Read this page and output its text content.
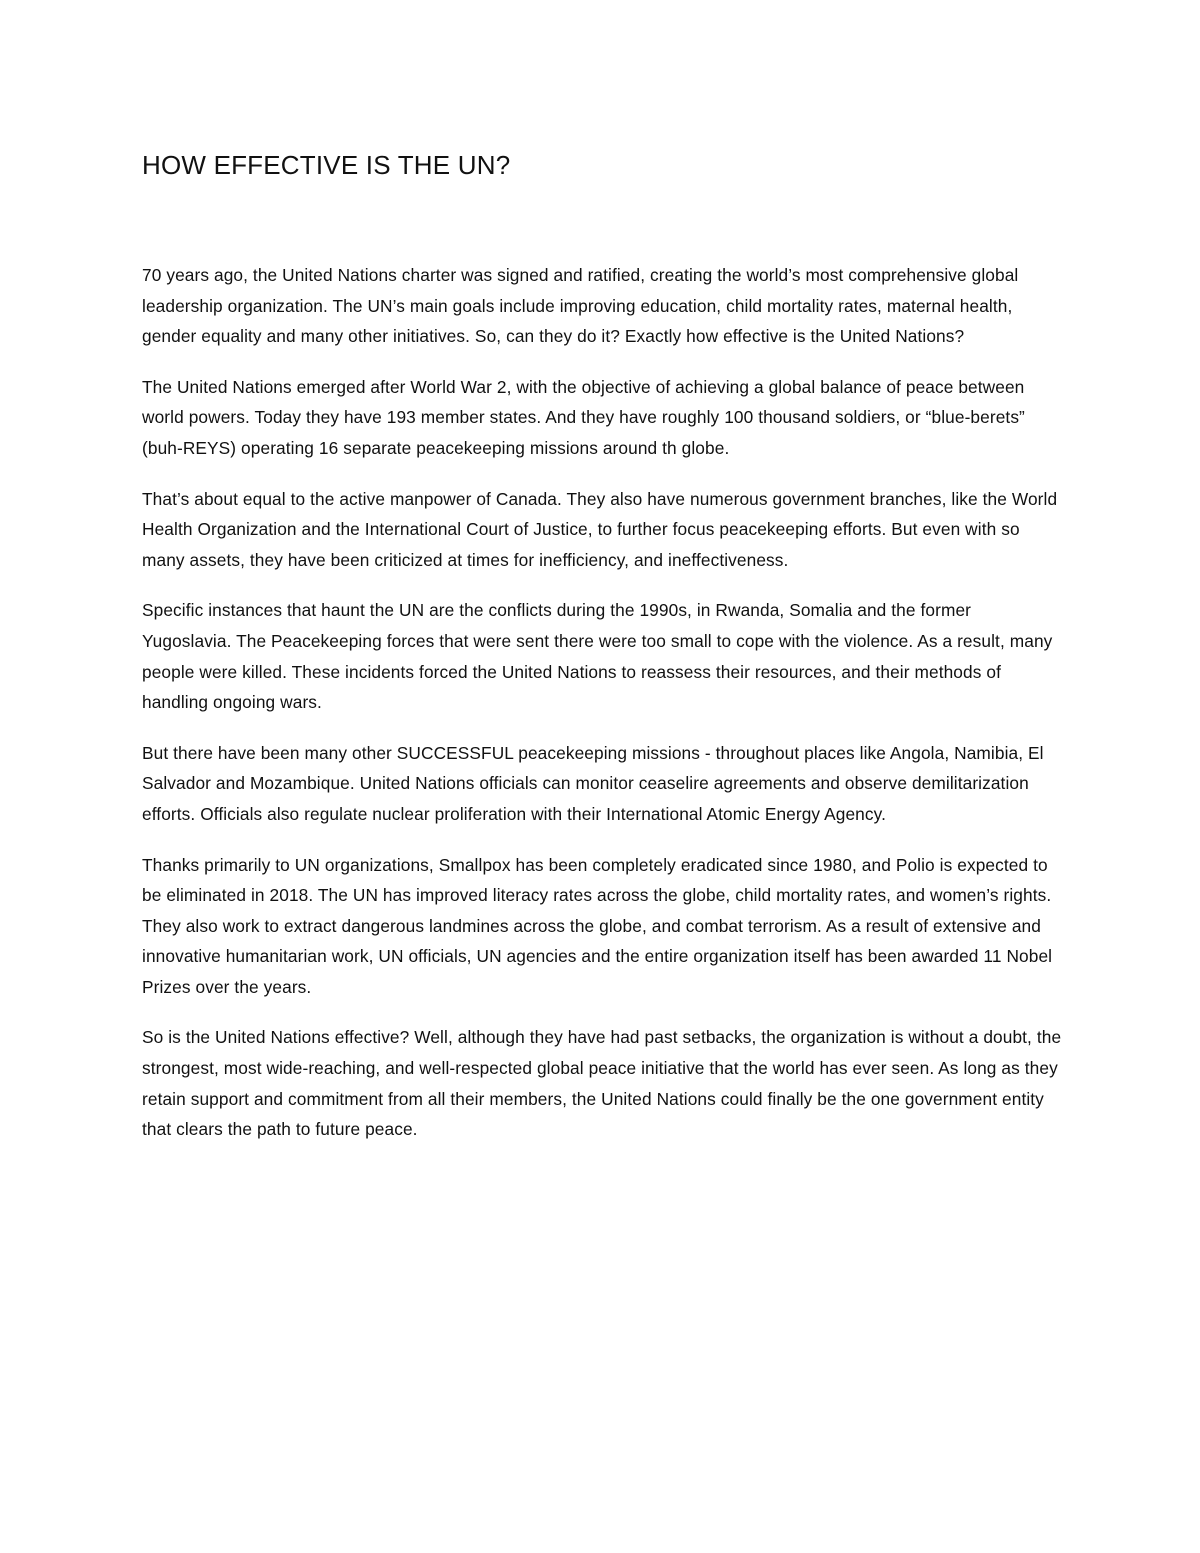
HOW EFFECTIVE IS THE UN?

70 years ago, the United Nations charter was signed and ratified, creating the world’s most comprehensive global leadership organization. The UN’s main goals include improving education, child mortality rates, maternal health, gender equality and many other initiatives. So, can they do it? Exactly how effective is the United Nations?

The United Nations emerged after World War 2, with the objective of achieving a global balance of peace between world powers. Today they have 193 member states. And they have roughly 100 thousand soldiers, or “blue-berets” (buh-REYS) operating 16 separate peacekeeping missions around th globe.

That’s about equal to the active manpower of Canada. They also have numerous government branches, like the World Health Organization and the International Court of Justice, to further focus peacekeeping efforts. But even with so many assets, they have been criticized at times for inefficiency, and ineffectiveness.

Specific instances that haunt the UN are the conflicts during the 1990s, in Rwanda, Somalia and the former Yugoslavia. The Peacekeeping forces that were sent there were too small to cope with the violence. As a result, many people were killed. These incidents forced the United Nations to reassess their resources, and their methods of handling ongoing wars.

But there have been many other SUCCESSFUL peacekeeping missions - throughout places like Angola, Namibia, El Salvador and Mozambique. United Nations officials can monitor ceaselire agreements and observe demilitarization efforts. Officials also regulate nuclear proliferation with their International Atomic Energy Agency.

Thanks primarily to UN organizations, Smallpox has been completely eradicated since 1980, and Polio is expected to be eliminated in 2018. The UN has improved literacy rates across the globe, child mortality rates, and women’s rights. They also work to extract dangerous landmines across the globe, and combat terrorism. As a result of extensive and innovative humanitarian work, UN officials, UN agencies and the entire organization itself has been awarded 11 Nobel Prizes over the years.

So is the United Nations effective? Well, although they have had past setbacks, the organization is without a doubt, the strongest, most wide-reaching, and well-respected global peace initiative that the world has ever seen. As long as they retain support and commitment from all their members, the United Nations could finally be the one government entity that clears the path to future peace.
